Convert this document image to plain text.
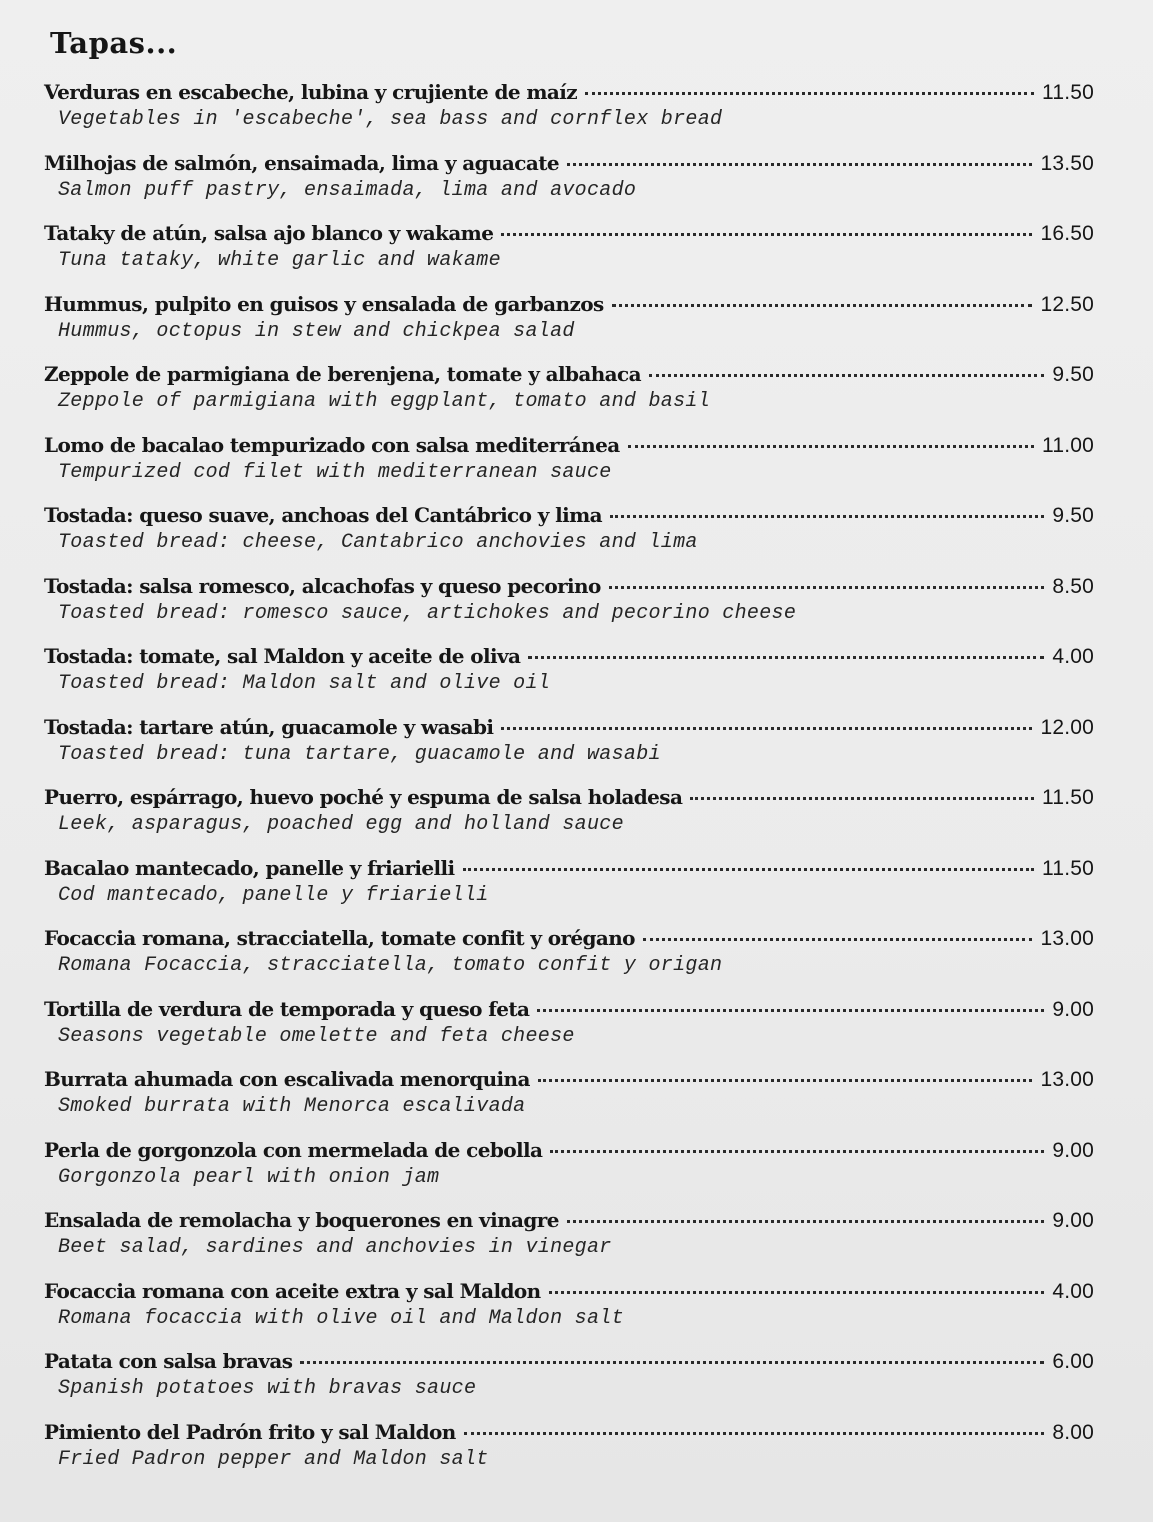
Tapas...
Verduras en escabeche, lubina y crujiente de maíz	11.50
Vegetables in 'escabeche', sea bass and cornflex bread
Milhojas de salmón, ensaimada, lima y aguacate	13.50
Salmon puff pastry, ensaimada, lima and avocado
Tataky de atún, salsa ajo blanco y wakame	16.50
Tuna tataky, white garlic and wakame
Hummus, pulpito en guisos y ensalada de garbanzos	12.50
Hummus, octopus in stew and chickpea salad
Zeppole de parmigiana de berenjena, tomate y albahaca	9.50
Zeppole of parmigiana with eggplant, tomato and basil
Lomo de bacalao tempurizado con salsa mediterránea	11.00
Tempurized cod filet with mediterranean sauce
Tostada: queso suave, anchoas del Cantábrico y lima	9.50
Toasted bread: cheese, Cantabrico anchovies and lima
Tostada: salsa romesco, alcachofas y queso pecorino	8.50
Toasted bread: romesco sauce, artichokes and pecorino cheese
Tostada: tomate, sal Maldon y aceite de oliva	4.00
Toasted bread: Maldon salt and olive oil
Tostada: tartare atún, guacamole y wasabi	12.00
Toasted bread: tuna tartare, guacamole and wasabi
Puerro, espárrago, huevo poché y espuma de salsa holadesa	11.50
Leek, asparagus, poached egg and holland sauce
Bacalao mantecado, panelle y friarielli	11.50
Cod mantecado, panelle y friarielli
Focaccia romana, stracciatella, tomate confit y orégano	13.00
Romana Focaccia, stracciatella, tomato confit y origan
Tortilla de verdura de temporada y queso feta	9.00
Seasons vegetable omelette and feta cheese
Burrata ahumada con escalivada menorquina	13.00
Smoked burrata with Menorca escalivada
Perla de gorgonzola con mermelada de cebolla	9.00
Gorgonzola pearl with onion jam
Ensalada de remolacha y boquerones en vinagre	9.00
Beet salad, sardines and anchovies in vinegar
Focaccia romana con aceite extra y sal Maldon	4.00
Romana focaccia with olive oil and Maldon salt
Patata con salsa bravas	6.00
Spanish potatoes with bravas sauce
Pimiento del Padrón frito y sal Maldon	8.00
Fried Padron pepper and Maldon salt
